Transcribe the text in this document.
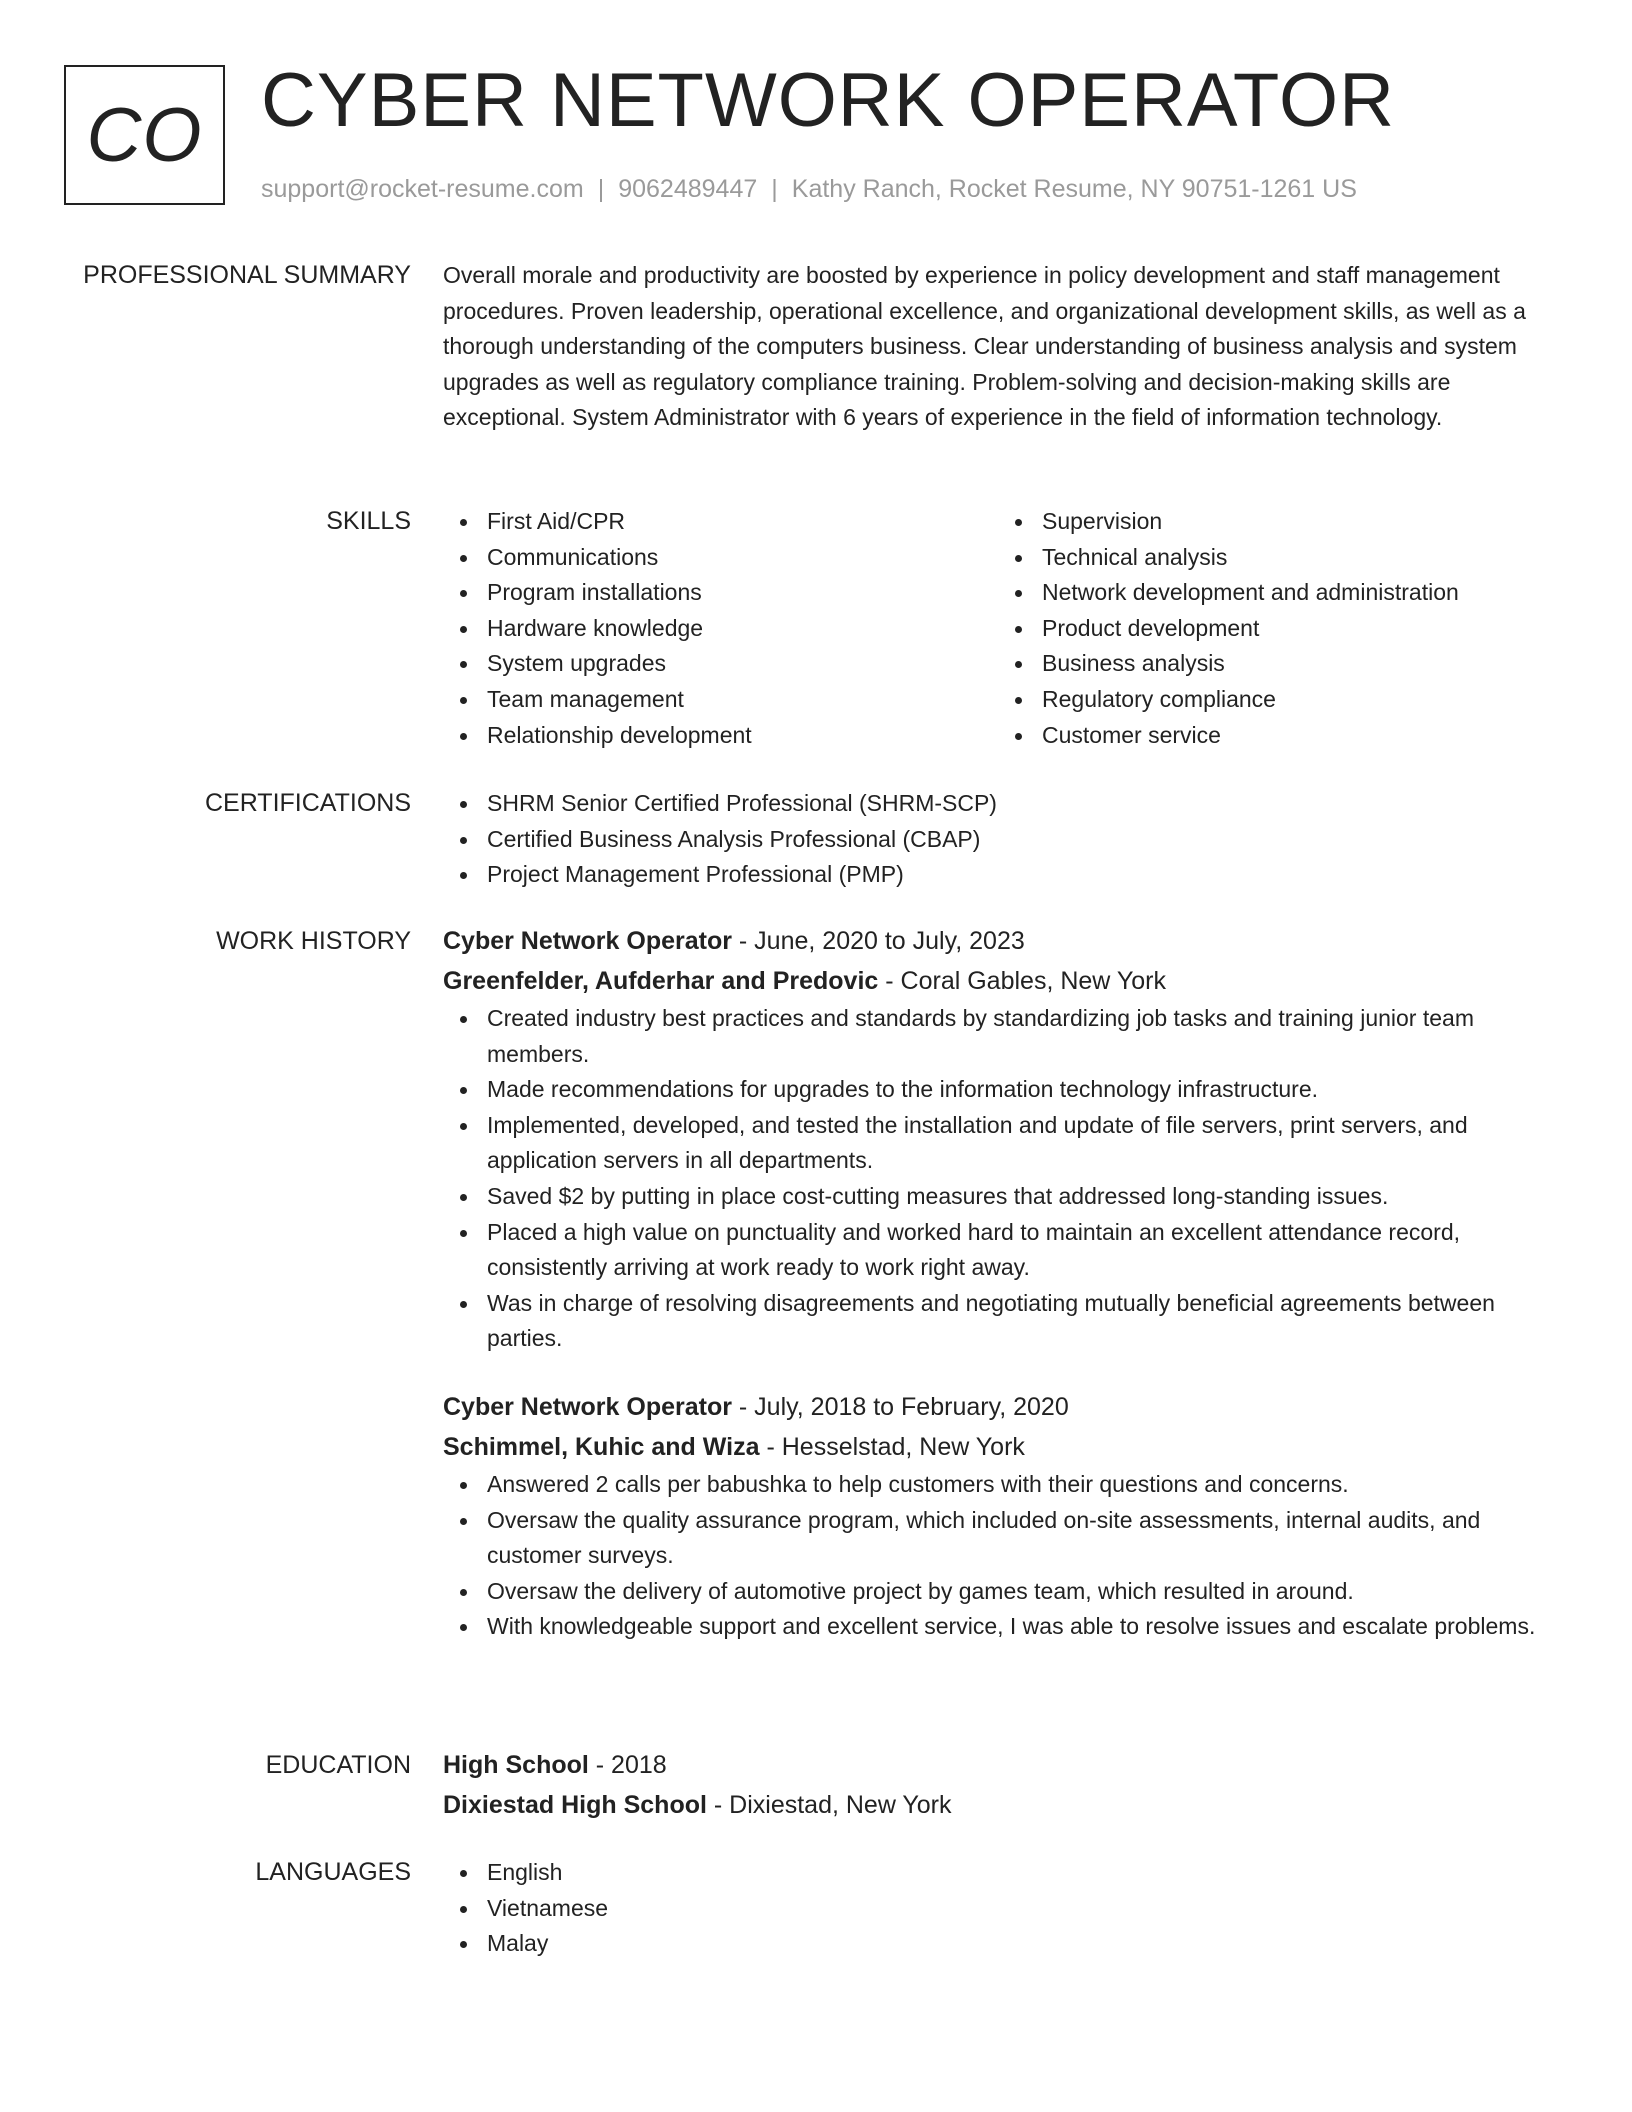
CO CYBER NETWORK OPERATOR
support@rocket-resume.com | 9062489447 | Kathy Ranch, Rocket Resume, NY 90751-1261 US
PROFESSIONAL SUMMARY Overall morale and productivity are boosted by experience in policy development and staff management procedures. Proven leadership, operational excellence, and organizational development skills, as well as a thorough understanding of the computers business. Clear understanding of business analysis and system upgrades as well as regulatory compliance training. Problem-solving and decision-making skills are exceptional. System Administrator with 6 years of experience in the field of information technology.

SKILLS	First Aid/CPR
Communications
Program installations
Hardware knowledge
System upgrades
Team management
Relationship development
Supervision
Technical analysis
Network development and administration
Product development
Business analysis
Regulatory compliance
Customer service
CERTIFICATIONS	SHRM Senior Certified Professional (SHRM-SCP)
Certified Business Analysis Professional (CBAP)
Project Management Professional (PMP)
WORK HISTORY Cyber Network Operator - June, 2020 to July, 2023
Greenfelder, Aufderhar and Predovic - Coral Gables, New York
Created industry best practices and standards by standardizing job tasks and training junior team members.
Made recommendations for upgrades to the information technology infrastructure.
Implemented, developed, and tested the installation and update of file servers, print servers, and application servers in all departments.
Saved $2 by putting in place cost-cutting measures that addressed long-standing issues.
Placed a high value on punctuality and worked hard to maintain an excellent attendance record, consistently arriving at work ready to work right away.
Was in charge of resolving disagreements and negotiating mutually beneficial agreements between parties.
Cyber Network Operator - July, 2018 to February, 2020
Schimmel, Kuhic and Wiza - Hesselstad, New York
Answered 2 calls per babushka to help customers with their questions and concerns.
Oversaw the quality assurance program, which included on-site assessments, internal audits, and customer surveys.
Oversaw the delivery of automotive project by games team, which resulted in around.
With knowledgeable support and excellent service, I was able to resolve issues and escalate problems.
EDUCATION High School - 2018
Dixiestad High School - Dixiestad, New York
LANGUAGES	English
Vietnamese
Malay
